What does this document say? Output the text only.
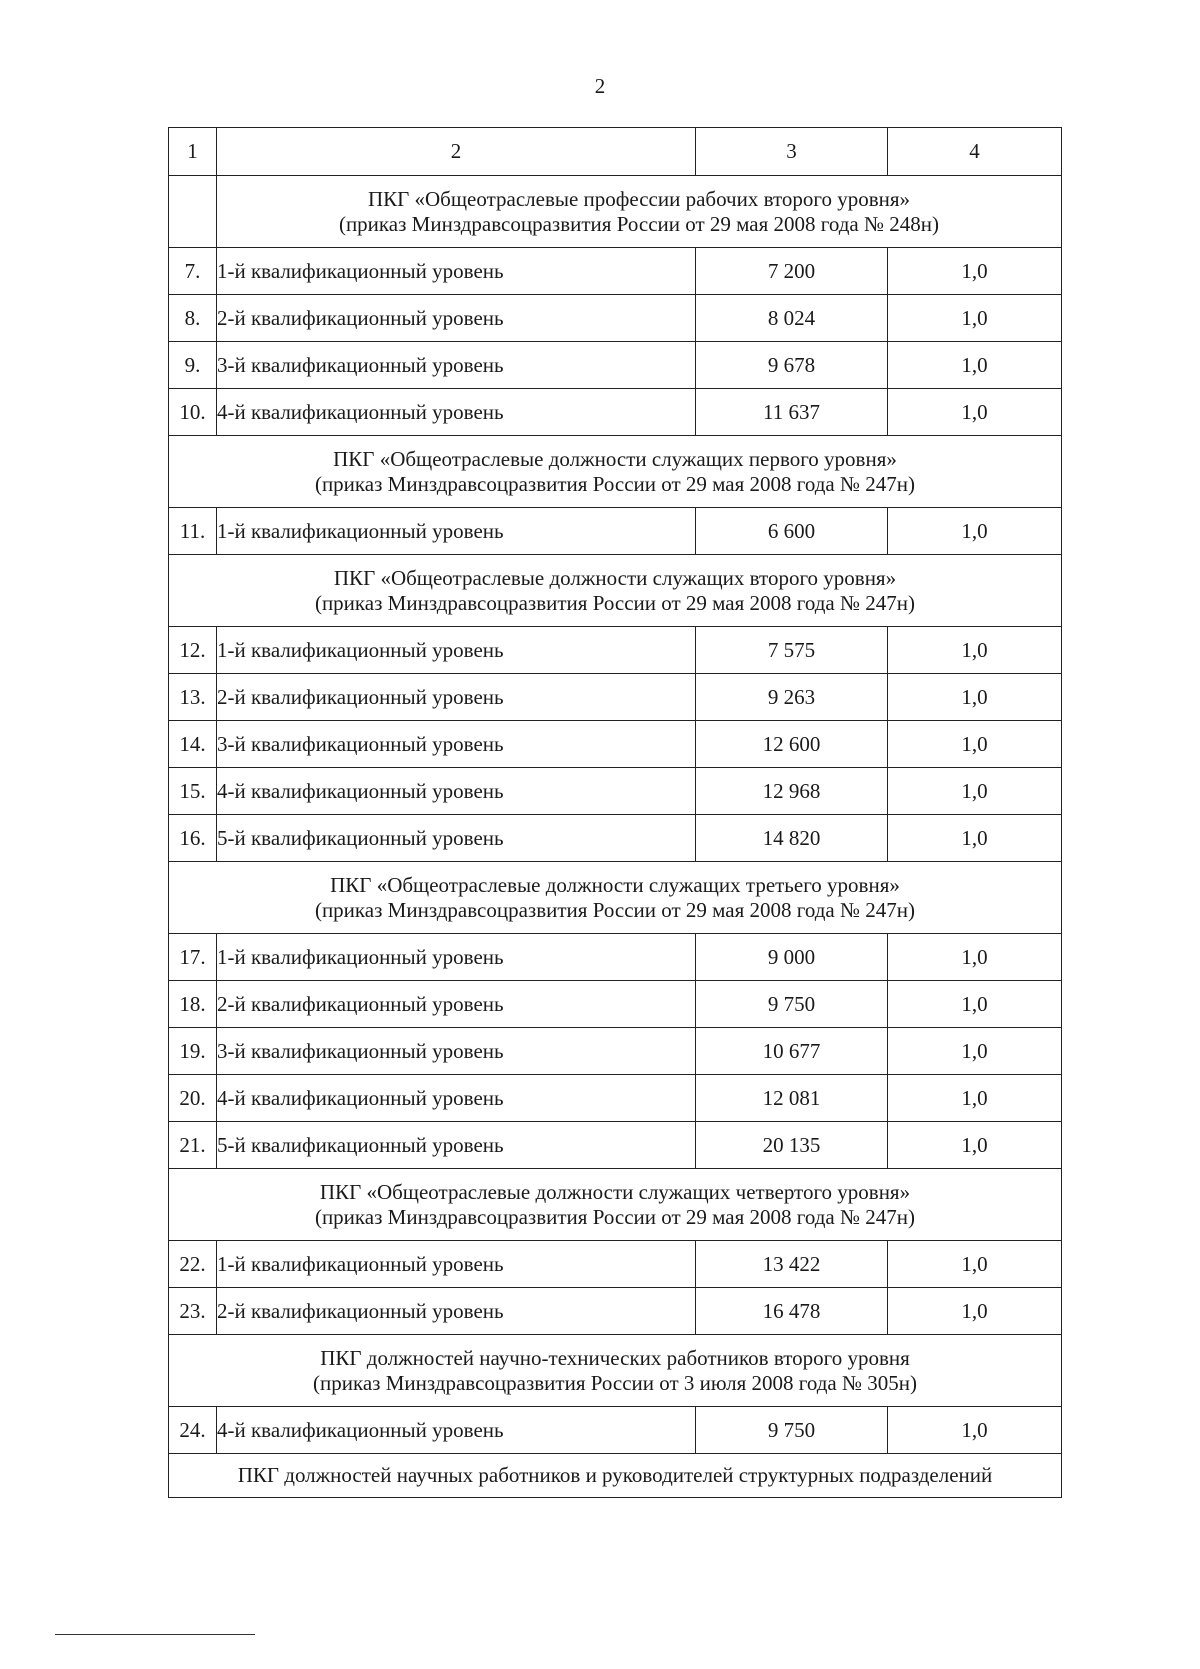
2
1	2	3	4

	ПКГ «Общеотраслевые профессии рабочих второго уровня»
(приказ Минздравсоцразвития России от 29 мая 2008 года № 248н)		

7.	1-й квалификационный уровень	7 200	1,0
8.	2-й квалификационный уровень	8 024	1,0
9.	3-й квалификационный уровень	9 678	1,0
10.	4-й квалификационный уровень	11 637	1,0

ПКГ «Общеотраслевые должности служащих первого уровня»
(приказ Минздравсоцразвития России от 29 мая 2008 года № 247н)			

11.	1-й квалификационный уровень	6 600	1,0

ПКГ «Общеотраслевые должности служащих второго уровня»
(приказ Минздравсоцразвития России от 29 мая 2008 года № 247н)			

12.	1-й квалификационный уровень	7 575	1,0
13.	2-й квалификационный уровень	9 263	1,0
14.	3-й квалификационный уровень	12 600	1,0
15.	4-й квалификационный уровень	12 968	1,0
16.	5-й квалификационный уровень	14 820	1,0

ПКГ «Общеотраслевые должности служащих третьего уровня»
(приказ Минздравсоцразвития России от 29 мая 2008 года № 247н)			

17.	1-й квалификационный уровень	9 000	1,0
18.	2-й квалификационный уровень	9 750	1,0
19.	3-й квалификационный уровень	10 677	1,0
20.	4-й квалификационный уровень	12 081	1,0
21.	5-й квалификационный уровень	20 135	1,0

ПКГ «Общеотраслевые должности служащих четвертого уровня»
(приказ Минздравсоцразвития России от 29 мая 2008 года № 247н)			

22.	1-й квалификационный уровень	13 422	1,0
23.	2-й квалификационный уровень	16 478	1,0

ПКГ должностей научно-технических работников второго уровня
(приказ Минздравсоцразвития России от 3 июля 2008 года № 305н)			

24.	4-й квалификационный уровень	9 750	1,0

ПКГ должностей научных работников и руководителей структурных подразделений			
